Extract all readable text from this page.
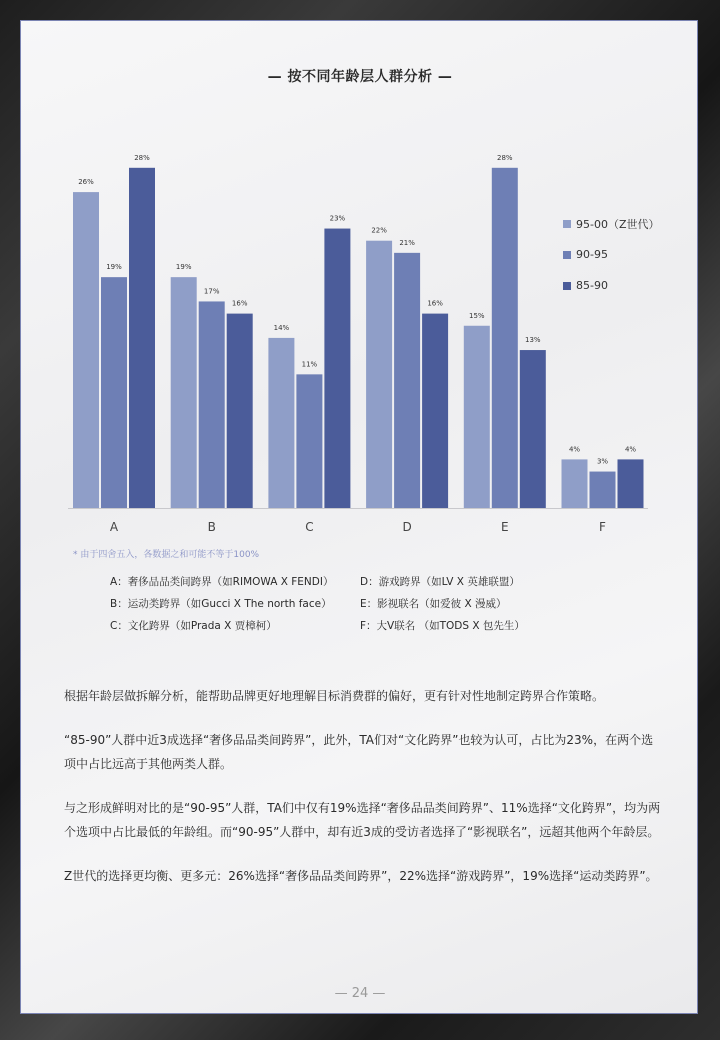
— 按不同年龄层人群分析 —
26%
19%
28%
A
19%
17%
16%
B
14%
11%
23%
C
22%
21%
16%
D
15%
28%
13%
E
4%
3%
4%
F
95-00（Z世代）
90-95
85-90
* 由于四舍五入，各数据之和可能不等于100%
A：奢侈品品类间跨界（如RIMOWA X FENDI）	D：游戏跨界（如LV X 英雄联盟）
B：运动类跨界（如Gucci X The north face）	E：影视联名（如爱彼 X 漫威）
C：文化跨界（如Prada X 贾樟柯）	F：大V联名 （如TODS X 包先生）

根据年龄层做拆解分析，能帮助品牌更好地理解目标消费群的偏好，更有针对性地制定跨界合作策略。

“85-90”人群中近3成选择“奢侈品品类间跨界”，此外，TA们对“文化跨界”也较为认可，占比为23%，在两个选项中占比远高于其他两类人群。

与之形成鲜明对比的是“90-95”人群，TA们中仅有19%选择“奢侈品品类间跨界”、11%选择“文化跨界”，均为两个选项中占比最低的年龄组。而“90-95”人群中，却有近3成的受访者选择了“影视联名”，远超其他两个年龄层。

Z世代的选择更均衡、更多元：26%选择“奢侈品品类间跨界”，22%选择“游戏跨界”，19%选择“运动类跨界”。

— 24 —
